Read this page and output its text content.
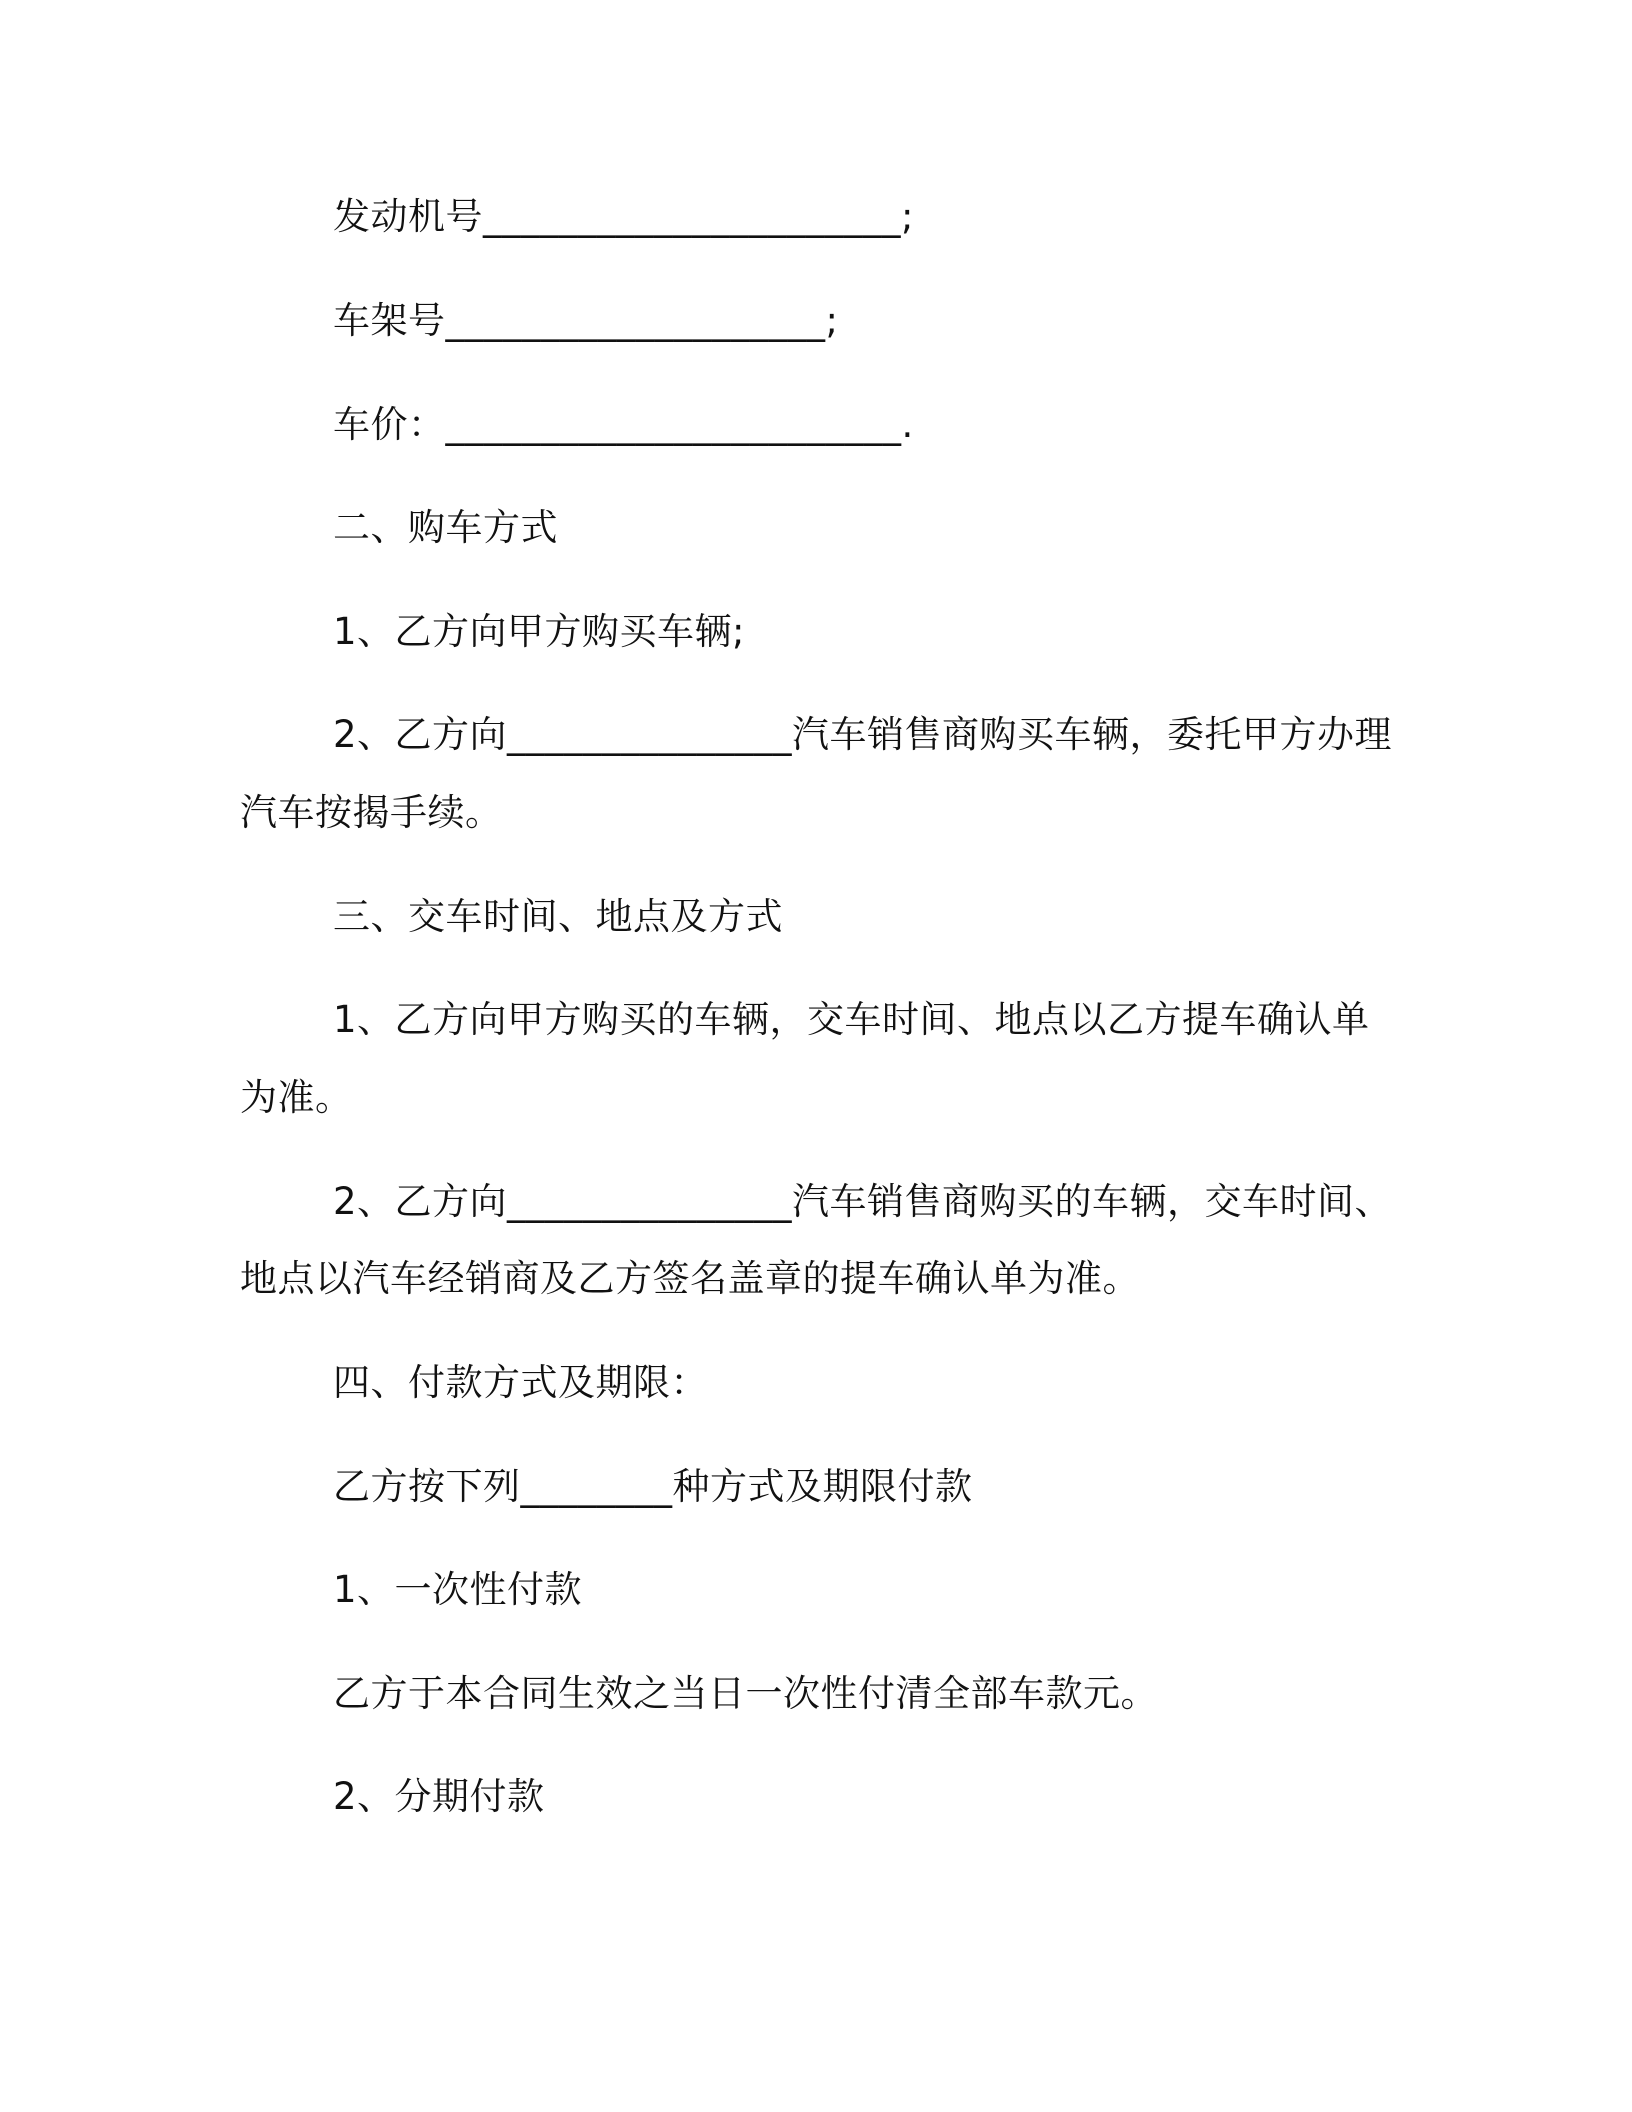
发动机号______________________;
车架号____________________;
车价：________________________.
二、购车方式
1、乙方向甲方购买车辆;
2、乙方向_______________汽车销售商购买车辆，委托甲方办理
汽车按揭手续。
三、交车时间、地点及方式
1、乙方向甲方购买的车辆，交车时间、地点以乙方提车确认单
为准。
2、乙方向_______________汽车销售商购买的车辆，交车时间、
地点以汽车经销商及乙方签名盖章的提车确认单为准。
四、付款方式及期限：
乙方按下列________种方式及期限付款
1、一次性付款
乙方于本合同生效之当日一次性付清全部车款元。
2、分期付款
